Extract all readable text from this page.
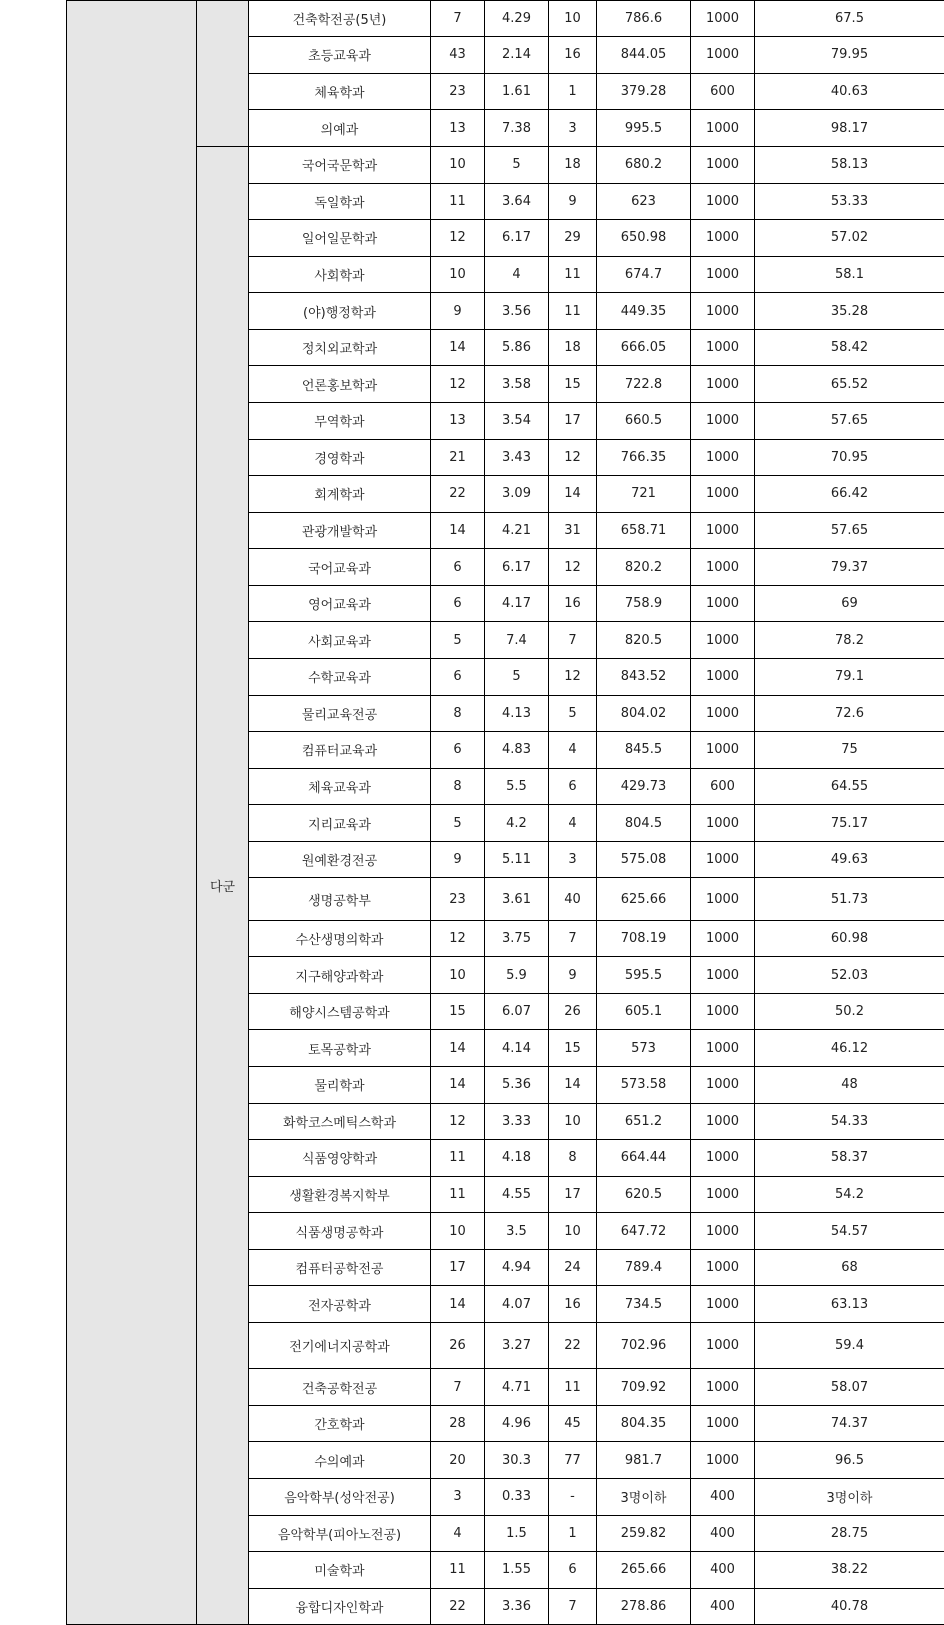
		건축학전공(5년)	7	4.29	10	786.6	1000	67.5
		초등교육과	43	2.14	16	844.05	1000	79.95
		체육학과	23	1.61	1	379.28	600	40.63
		의예과	13	7.38	3	995.5	1000	98.17
	다군	국어국문학과	10	5	18	680.2	1000	58.13
		독일학과	11	3.64	9	623	1000	53.33
		일어일문학과	12	6.17	29	650.98	1000	57.02
		사회학과	10	4	11	674.7	1000	58.1
		(야)행정학과	9	3.56	11	449.35	1000	35.28
		정치외교학과	14	5.86	18	666.05	1000	58.42
		언론홍보학과	12	3.58	15	722.8	1000	65.52
		무역학과	13	3.54	17	660.5	1000	57.65
		경영학과	21	3.43	12	766.35	1000	70.95
		회계학과	22	3.09	14	721	1000	66.42
		관광개발학과	14	4.21	31	658.71	1000	57.65
		국어교육과	6	6.17	12	820.2	1000	79.37
		영어교육과	6	4.17	16	758.9	1000	69
		사회교육과	5	7.4	7	820.5	1000	78.2
		수학교육과	6	5	12	843.52	1000	79.1
		물리교육전공	8	4.13	5	804.02	1000	72.6
		컴퓨터교육과	6	4.83	4	845.5	1000	75
		체육교육과	8	5.5	6	429.73	600	64.55
		지리교육과	5	4.2	4	804.5	1000	75.17
		원예환경전공	9	5.11	3	575.08	1000	49.63
		생명공학부	23	3.61	40	625.66	1000	51.73
		수산생명의학과	12	3.75	7	708.19	1000	60.98
		지구해양과학과	10	5.9	9	595.5	1000	52.03
		해양시스템공학과	15	6.07	26	605.1	1000	50.2
		토목공학과	14	4.14	15	573	1000	46.12
		물리학과	14	5.36	14	573.58	1000	48
		화학코스메틱스학과	12	3.33	10	651.2	1000	54.33
		식품영양학과	11	4.18	8	664.44	1000	58.37
		생활환경복지학부	11	4.55	17	620.5	1000	54.2
		식품생명공학과	10	3.5	10	647.72	1000	54.57
		컴퓨터공학전공	17	4.94	24	789.4	1000	68
		전자공학과	14	4.07	16	734.5	1000	63.13
		전기에너지공학과	26	3.27	22	702.96	1000	59.4
		건축공학전공	7	4.71	11	709.92	1000	58.07
		간호학과	28	4.96	45	804.35	1000	74.37
		수의예과	20	30.3	77	981.7	1000	96.5
		음악학부(성악전공)	3	0.33	-	3명이하	400	3명이하
		음악학부(피아노전공)	4	1.5	1	259.82	400	28.75
		미술학과	11	1.55	6	265.66	400	38.22
		융합디자인학과	22	3.36	7	278.86	400	40.78
